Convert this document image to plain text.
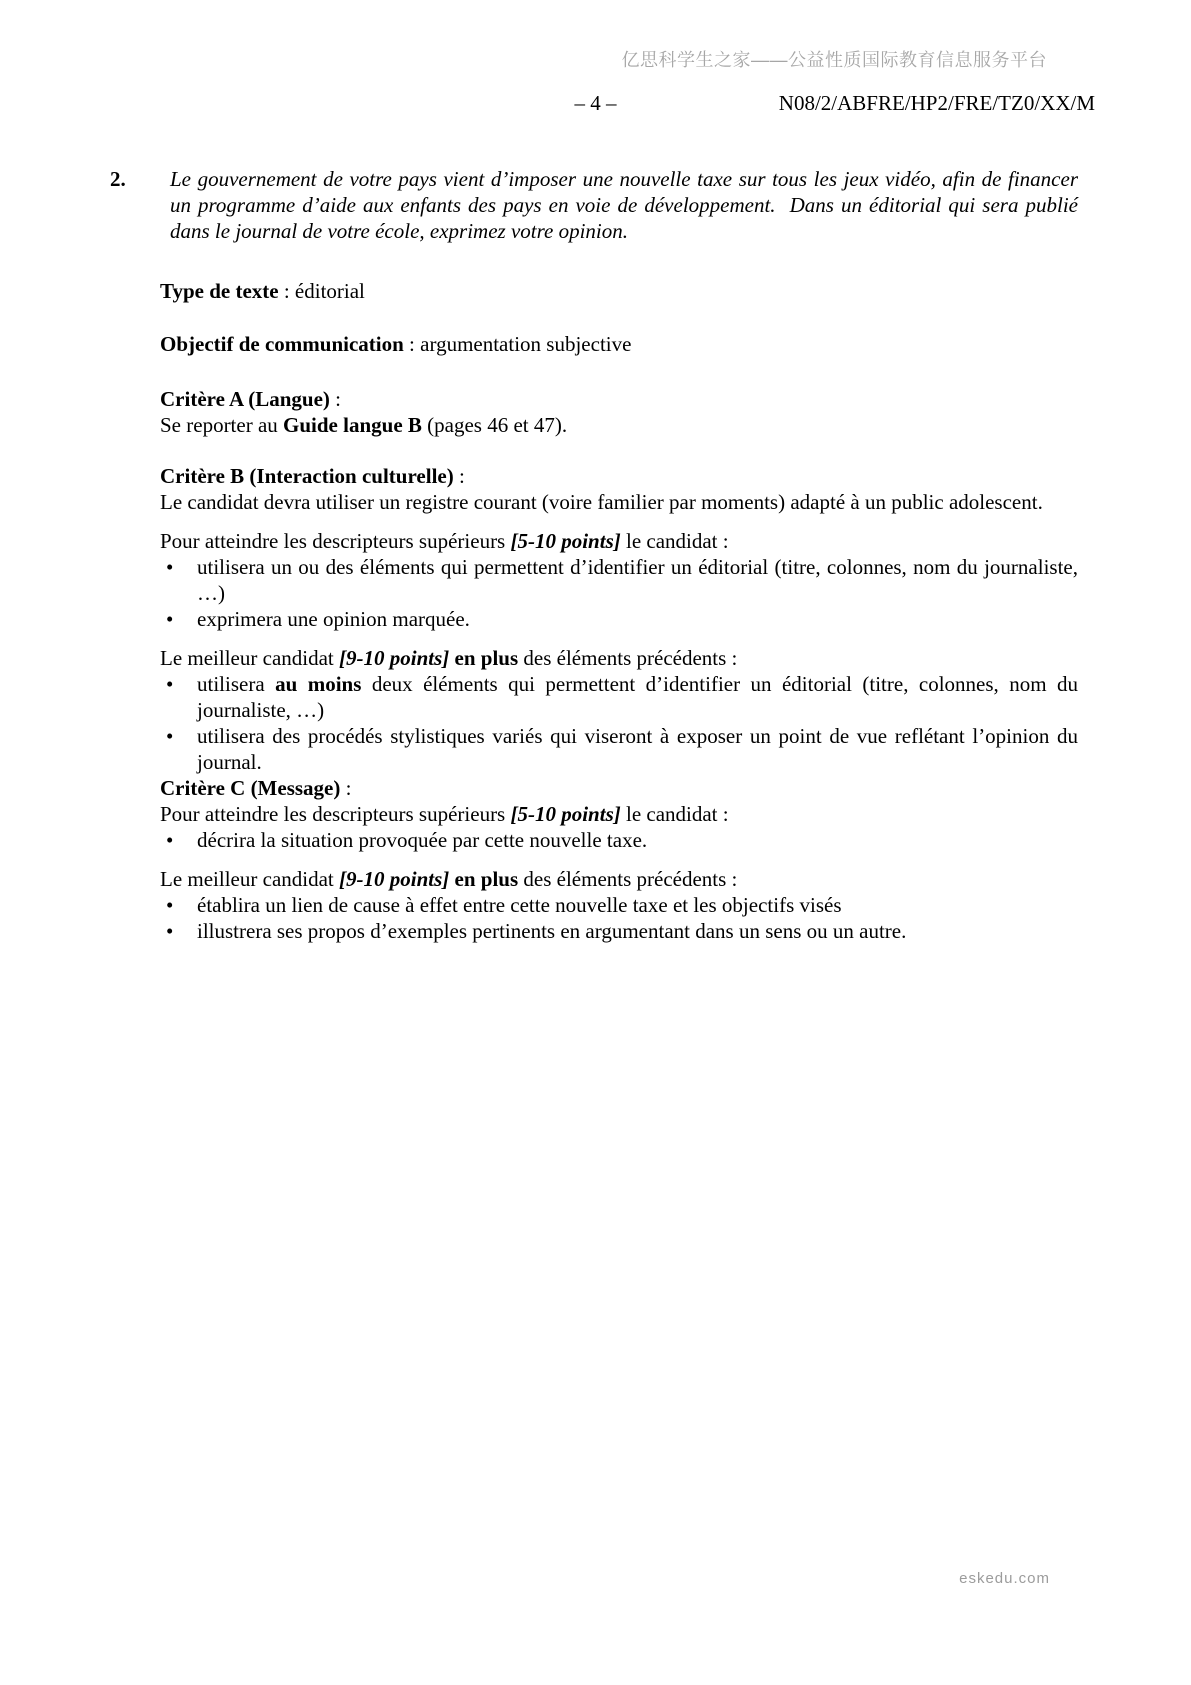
亿思科学生之家——公益性质国际教育信息服务平台
– 4 –	N08/2/ABFRE/HP2/FRE/TZ0/XX/M
2.	Le gouvernement de votre pays vient d’imposer une nouvelle taxe sur tous les jeux vidéo, afin de financer un programme d’aide aux enfants des pays en voie de développement.  Dans un éditorial qui sera publié dans le journal de votre école, exprimez votre opinion.

Type de texte : éditorial

Objectif de communication : argumentation subjective

Critère A (Langue) :

Se reporter au Guide langue B (pages 46 et 47).

Critère B (Interaction culturelle) :

Le candidat devra utiliser un registre courant (voire familier par moments) adapté à un public adolescent.

Pour atteindre les descripteurs supérieurs [5-10 points] le candidat :

•	utilisera un ou des éléments qui permettent d’identifier un éditorial (titre, colonnes, nom du journaliste, …)
•	exprimera une opinion marquée.

Le meilleur candidat [9-10 points] en plus des éléments précédents :

•	utilisera au moins deux éléments qui permettent d’identifier un éditorial (titre, colonnes, nom du journaliste, …)
•	utilisera des procédés stylistiques variés qui viseront à exposer un point de vue reflétant l’opinion du journal.
Critère C (Message) :

Pour atteindre les descripteurs supérieurs [5-10 points] le candidat :

•	décrira la situation provoquée par cette nouvelle taxe.

Le meilleur candidat [9-10 points] en plus des éléments précédents :

•	établira un lien de cause à effet entre cette nouvelle taxe et les objectifs visés
•	illustrera ses propos d’exemples pertinents en argumentant dans un sens ou un autre.
eskedu.com
